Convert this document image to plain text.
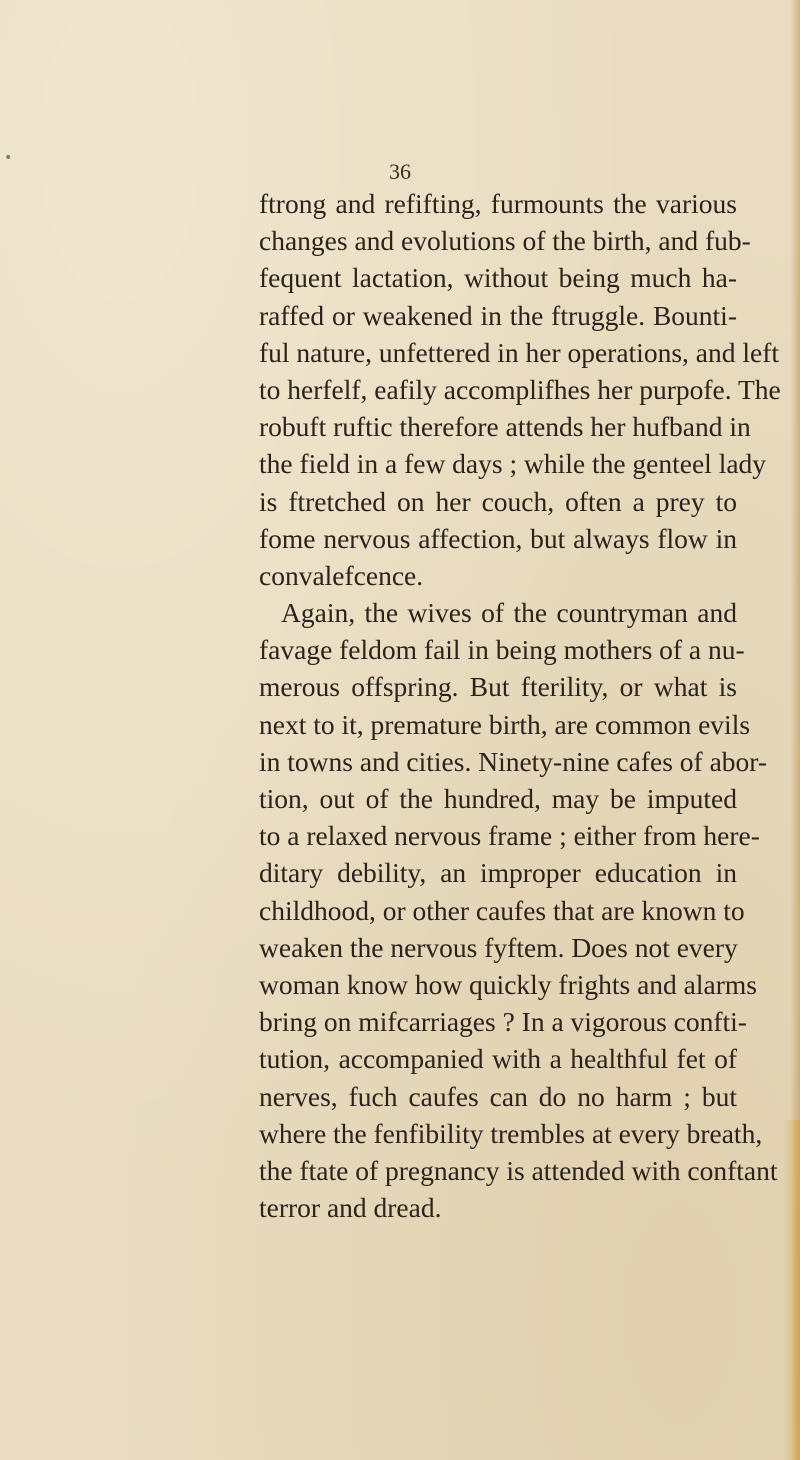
•

36

ftrong and refifting, furmounts the various
changes and evolutions of the birth, and fub-
fequent lactation, without being much ha-
raffed or weakened in the ftruggle. Bounti-
ful nature, unfettered in her operations, and left
to herfelf, eafily accomplifhes her purpofe. The
robuft ruftic therefore attends her hufband in
the field in a few days ; while the genteel lady
is ftretched on her couch, often a prey to
fome nervous affection, but always flow in
convalefcence.
Again, the wives of the countryman and
favage feldom fail in being mothers of a nu-
merous offspring. But fterility, or what is
next to it, premature birth, are common evils
in towns and cities. Ninety-nine cafes of abor-
tion, out of the hundred, may be imputed
to a relaxed nervous frame ; either from here-
ditary debility, an improper education in
childhood, or other caufes that are known to
weaken the nervous fyftem. Does not every
woman know how quickly frights and alarms
bring on mifcarriages ? In a vigorous confti-
tution, accompanied with a healthful fet of
nerves, fuch caufes can do no harm ; but
where the fenfibility trembles at every breath,
the ftate of pregnancy is attended with conftant
terror and dread.
